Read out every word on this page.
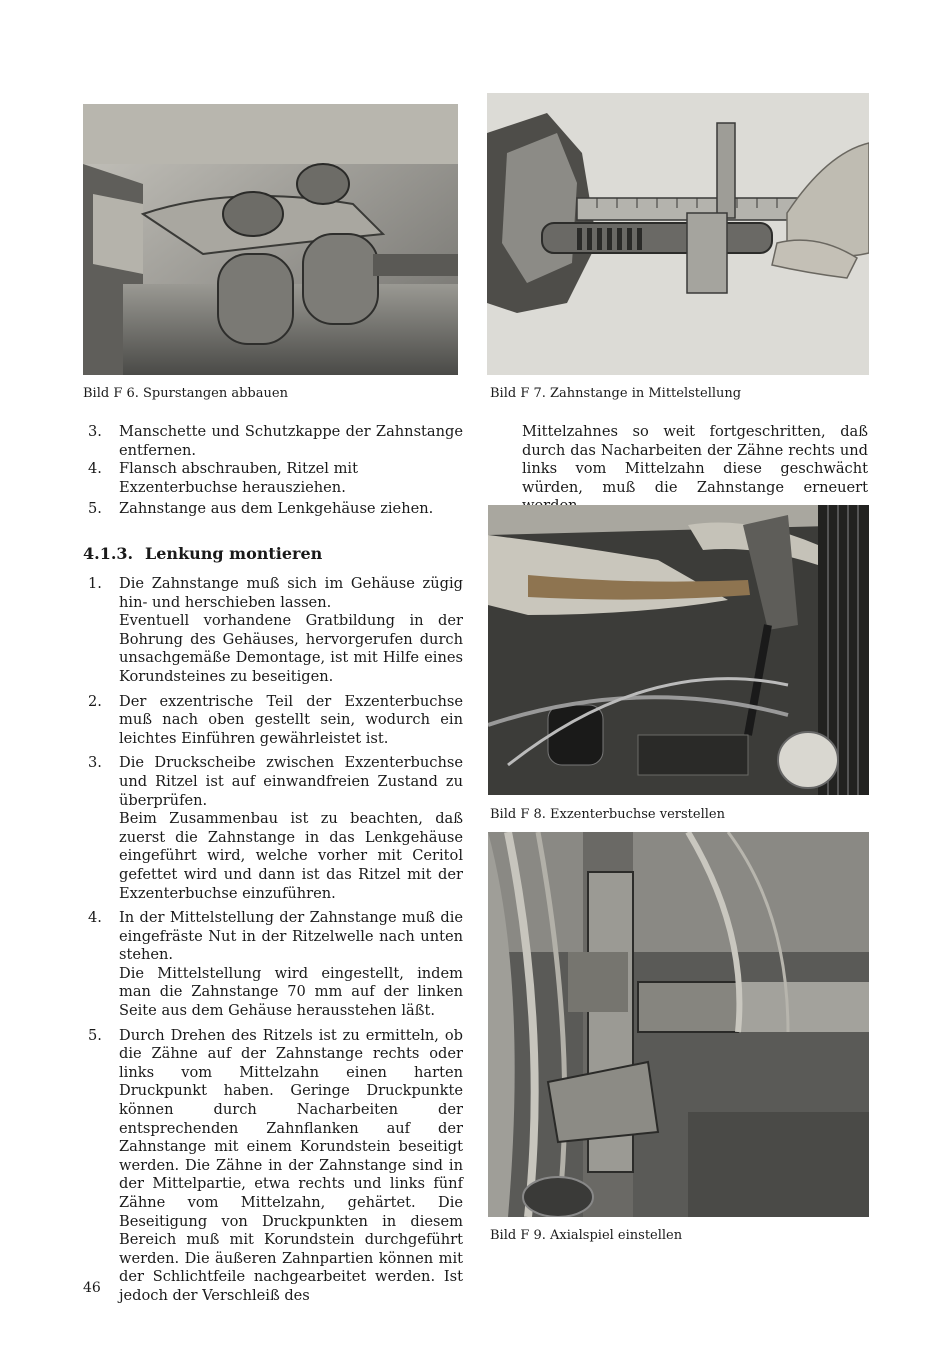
Bild F 6. Spurstangen abbauen	Bild F 7. Zahnstange in Mittelstellung

3. Manschette und Schutzkappe der Zahnstange entfernen.

4. Flansch abschrauben, Ritzel mit Exzenterbuchse herausziehen.

5. Zahnstange aus dem Lenkgehäuse ziehen.

4.1.3. Lenkung montieren
1. Die Zahnstange muß sich im Gehäuse zügig hin- und herschieben lassen.

Eventuell vorhandene Gratbildung in der Bohrung des Gehäuses, hervorgerufen durch unsachgemäße Demontage, ist mit Hilfe eines Korundsteines zu beseitigen.

2. Der exzentrische Teil der Exzenterbuchse muß nach oben gestellt sein, wodurch ein leichtes Einführen gewährleistet ist.

3. Die Druckscheibe zwischen Exzenterbuchse und Ritzel ist auf einwandfreien Zustand zu überprüfen.

Beim Zusammenbau ist zu beachten, daß zuerst die Zahnstange in das Lenkgehäuse eingeführt wird, welche vorher mit Ceritol gefettet wird und dann ist das Ritzel mit der Exzenterbuchse einzuführen.

4. In der Mittelstellung der Zahnstange muß die eingefräste Nut in der Ritzelwelle nach unten stehen.

Die Mittelstellung wird eingestellt, indem man die Zahnstange 70 mm auf der linken Seite aus dem Gehäuse herausstehen läßt.

5. Durch Drehen des Ritzels ist zu ermitteln, ob die Zähne auf der Zahnstange rechts oder links vom Mittelzahn einen harten Druckpunkt haben. Geringe Druckpunkte können durch Nacharbeiten der entsprechenden Zahnflanken auf der Zahnstange mit einem Korundstein beseitigt werden. Die Zähne in der Zahnstange sind in der Mittelpartie, etwa rechts und links fünf Zähne vom Mittelzahn, gehärtet. Die Beseitigung von Druckpunkten in diesem Bereich muß mit Korundstein durchgeführt werden. Die äußeren Zahnpartien können mit der Schlichtfeile nachgearbeitet werden. Ist jedoch der Verschleiß des

Mittelzahnes so weit fortgeschritten, daß durch das Nacharbeiten der Zähne rechts und links vom Mittelzahn diese geschwächt würden, muß die Zahnstange erneuert
Bild F 8. Exzenterbuchse verstellen
Bild F 9. Axialspiel einstellen
46
